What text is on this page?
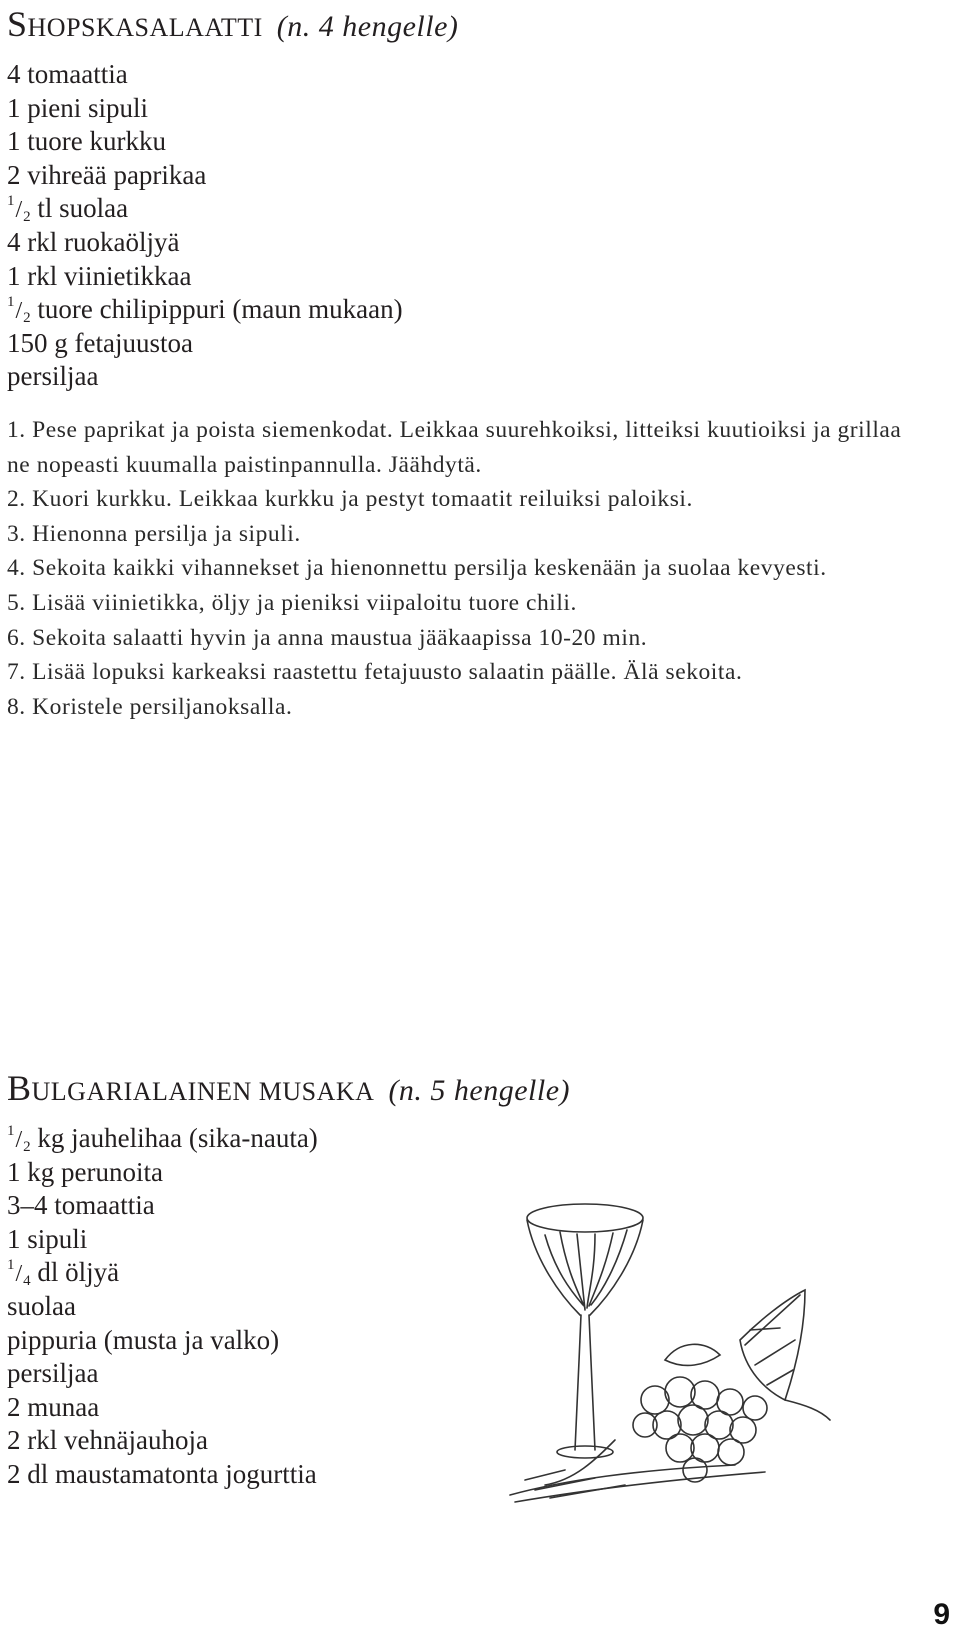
SHOPSKASALAATTI (n. 4 hengelle)
4 tomaattia
1 pieni sipuli
1 tuore kurkku
2 vihreää paprikaa
$^1/_2$ tl suolaa
4 rkl ruokaöljyä
1 rkl viinietikkaa
$^1/_2$ tuore chilipippuri (maun mukaan)
150 g fetajuustoa
persiljaa

1. Pese paprikat ja poista siemenkodat. Leikkaa suurehkoiksi, litteiksi kuutioiksi ja grillaa ne nopeasti kuumalla paistinpannulla. Jäähdytä.

2. Kuori kurkku. Leikkaa kurkku ja pestyt tomaatit reiluiksi paloiksi.

3. Hienonna persilja ja sipuli.

4. Sekoita kaikki vihannekset ja hienonnettu persilja keskenään ja suolaa kevyesti.

5. Lisää viinietikka, öljy ja pieniksi viipaloitu tuore chili.

6. Sekoita salaatti hyvin ja anna maustua jääkaapissa 10-20 min.

7. Lisää lopuksi karkeaksi raastettu fetajuusto salaatin päälle. Älä sekoita.

8. Koristele persiljanoksalla.

BULGARIALAINEN MUSAKA (n. 5 hengelle)
$^1/_2$ kg jauhelihaa (sika-nauta)
1 kg perunoita
3–4 tomaattia
1 sipuli
$^1/_4$ dl öljyä
suolaa
pippuria (musta ja valko)
persiljaa
2 munaa
2 rkl vehnäjauhoja
2 dl maustamatonta jogurttia
9
